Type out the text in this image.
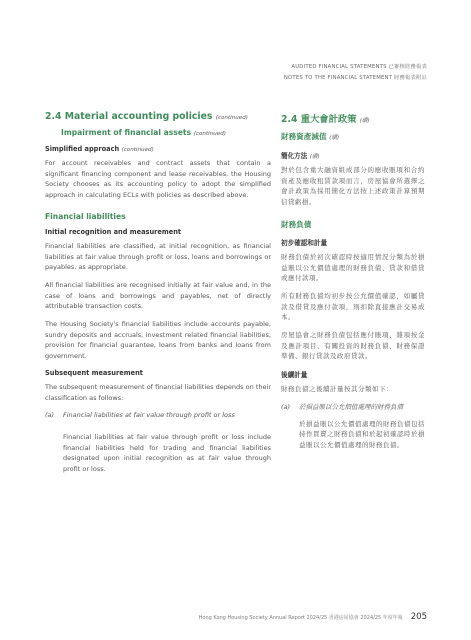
AUDITED FINANCIAL STATEMENTS 已審核財務報表
NOTES TO THE FINANCIAL STATEMENT 財務報表附註
2.4 Material accounting policies (continued)
Impairment of financial assets (continued)
Simplified approach (continued)

For account receivables and contract assets that contain a significant financing component and lease receivables, the Housing Society chooses as its accounting policy to adopt the simplified approach in calculating ECLs with policies as described above.

Financial liabilities
Initial recognition and measurement

Financial liabilities are classified, at initial recognition, as financial liabilities at fair value through profit or loss, loans and borrowings or payables, as appropriate.

All financial liabilities are recognised initially at fair value and, in the case of loans and borrowings and payables, net of directly attributable transaction costs.

The Housing Society's financial liabilities include accounts payable, sundry deposits and accruals, investment related financial liabilities, provision for financial guarantee, loans from banks and loans from government.

Subsequent measurement

The subsequent measurement of financial liabilities depends on their classification as follows:

(a)	Financial liabilities at fair value through profit or loss

Financial liabilities at fair value through profit or loss include financial liabilities held for trading and financial liabilities designated upon initial recognition as at fair value through profit or loss.

2.4 重大會計政策 (續)
財務資產減值 (續)
簡化方法 (續)

對於包含重大融資組成部分的應收賬項和合約資產及應收租賃款項而言，房屋協會所選擇之會計政策為採用簡化方法按上述政策計算預期信貸虧損。

財務負債
初步確認和計量

財務負債於初次確認時按適用情況分類為於損益賬以公允價值處理的財務負債、貸款和借貸或應付款項。

所有財務負債均初步按公允價值確認，如屬貸款及借貸及應付款項，則扣除直接應計交易成本。

房屋協會之財務負債包括應付賬項、雜項按金及應計項目、有關投資的財務負債、財務保證準備、銀行貸款及政府貸款。

後續計量

財務負債之後續計量按其分類如下：

(a)	於損益賬以公允價值處理的財務負債

於損益賬以公允價值處理的財務負債包括持作買賣之財務負債和於起初確認時於損益賬以公允價值處理的財務負債。

Hong Kong Housing Society Annual Report 2024/25 香港房屋協會 2024/25 年度年報 205
